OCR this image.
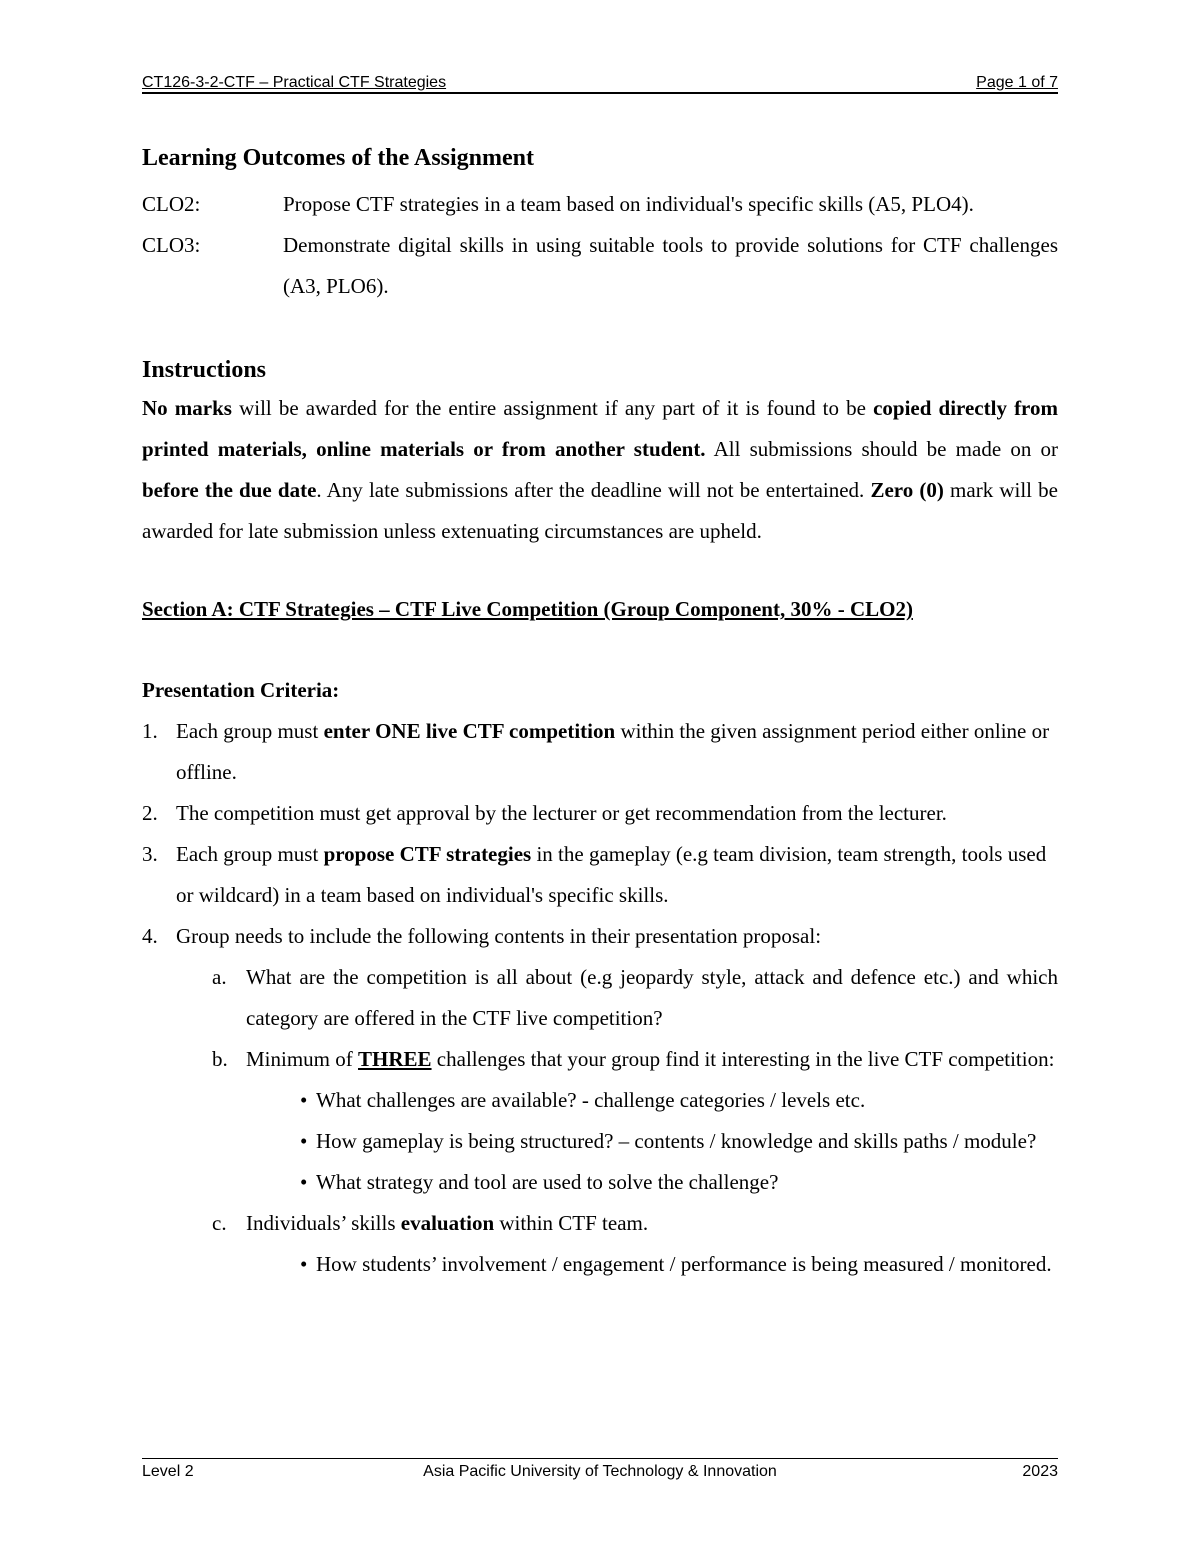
CT126-3-2-CTF – Practical CTF Strategies	Page 1 of 7
Learning Outcomes of the Assignment
CLO2:	Propose CTF strategies in a team based on individual's specific skills (A5, PLO4).
CLO3:	Demonstrate digital skills in using suitable tools to provide solutions for CTF challenges (A3, PLO6).
Instructions

No marks will be awarded for the entire assignment if any part of it is found to be copied directly from printed materials, online materials or from another student. All submissions should be made on or before the due date. Any late submissions after the deadline will not be entertained. Zero (0) mark will be awarded for late submission unless extenuating circumstances are upheld.

Section A: CTF Strategies – CTF Live Competition (Group Component, 30% - CLO2)
Presentation Criteria:
1. Each group must enter ONE live CTF competition within the given assignment period either online or offline.
2. The competition must get approval by the lecturer or get recommendation from the lecturer.
3. Each group must propose CTF strategies in the gameplay (e.g team division, team strength, tools used or wildcard) in a team based on individual's specific skills.
4. Group needs to include the following contents in their presentation proposal:
a. What are the competition is all about (e.g jeopardy style, attack and defence etc.) and which category are offered in the CTF live competition?
b. Minimum of THREE challenges that your group find it interesting in the live CTF competition:
• What challenges are available? - challenge categories / levels etc.
• How gameplay is being structured? – contents / knowledge and skills paths / module?
• What strategy and tool are used to solve the challenge?
c. Individuals’ skills evaluation within CTF team.
• How students’ involvement / engagement / performance is being measured / monitored.
Level 2	Asia Pacific University of Technology & Innovation	2023
